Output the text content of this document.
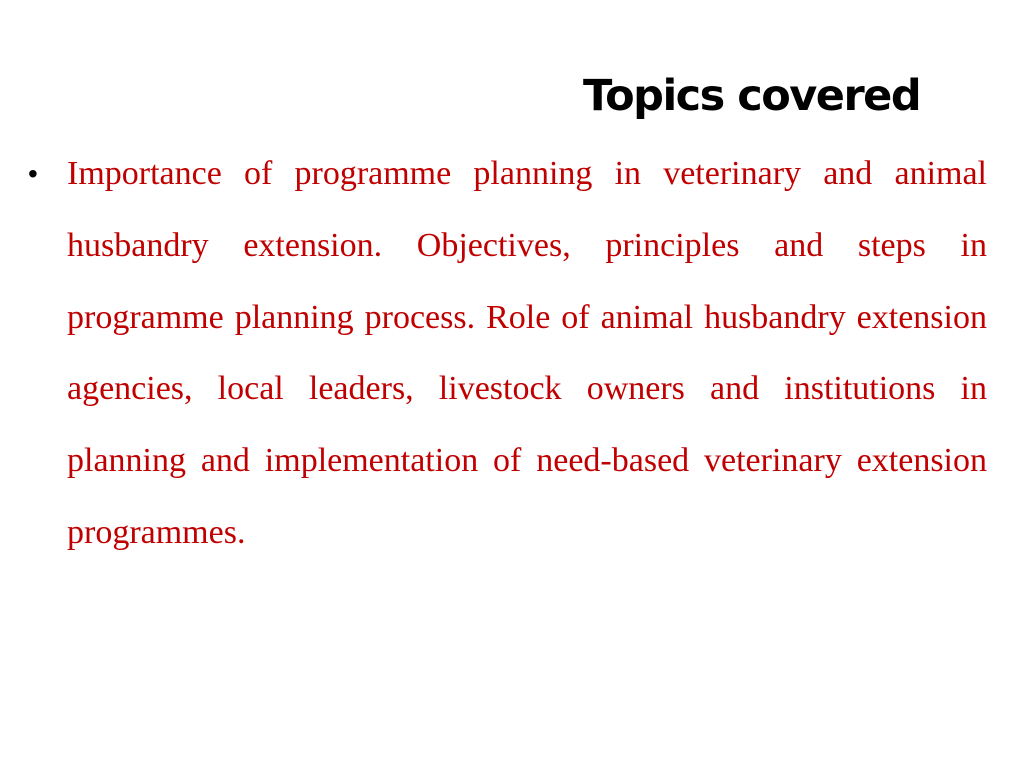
Topics covered
• Importance of programme planning in veterinary and animal husbandry extension. Objectives, principles and steps in programme planning process. Role of animal husbandry extension agencies, local leaders, livestock owners and institutions in planning and implementation of need-based veterinary extension programmes.
